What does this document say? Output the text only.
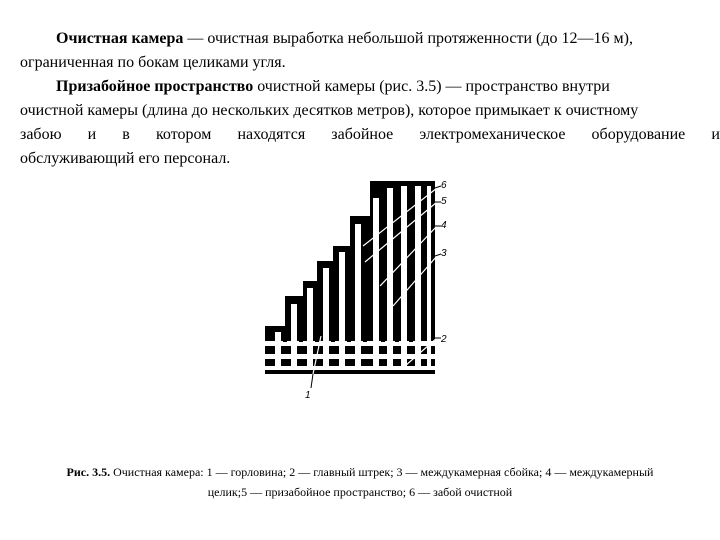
Очистная камера — очистная выработка небольшой протяженности (до 12—16 м),
ограниченная по бокам целиками угля.
Призабойное пространство очистной камеры (рис. 3.5) — пространство внутри
очистной камеры (длина до нескольких десятков метров), которое примыкает к очистному
забою и в котором находятся забойное электромеханическое оборудование и
обслуживающий его персонал.
6
5
4
3
2
1
Рис. 3.5. Очистная камера: 1 — горловина; 2 — главный штрек; 3 — междукамерная сбойка; 4 — междукамерный
целик;5 — призабойное пространство; 6 — забой очистной
